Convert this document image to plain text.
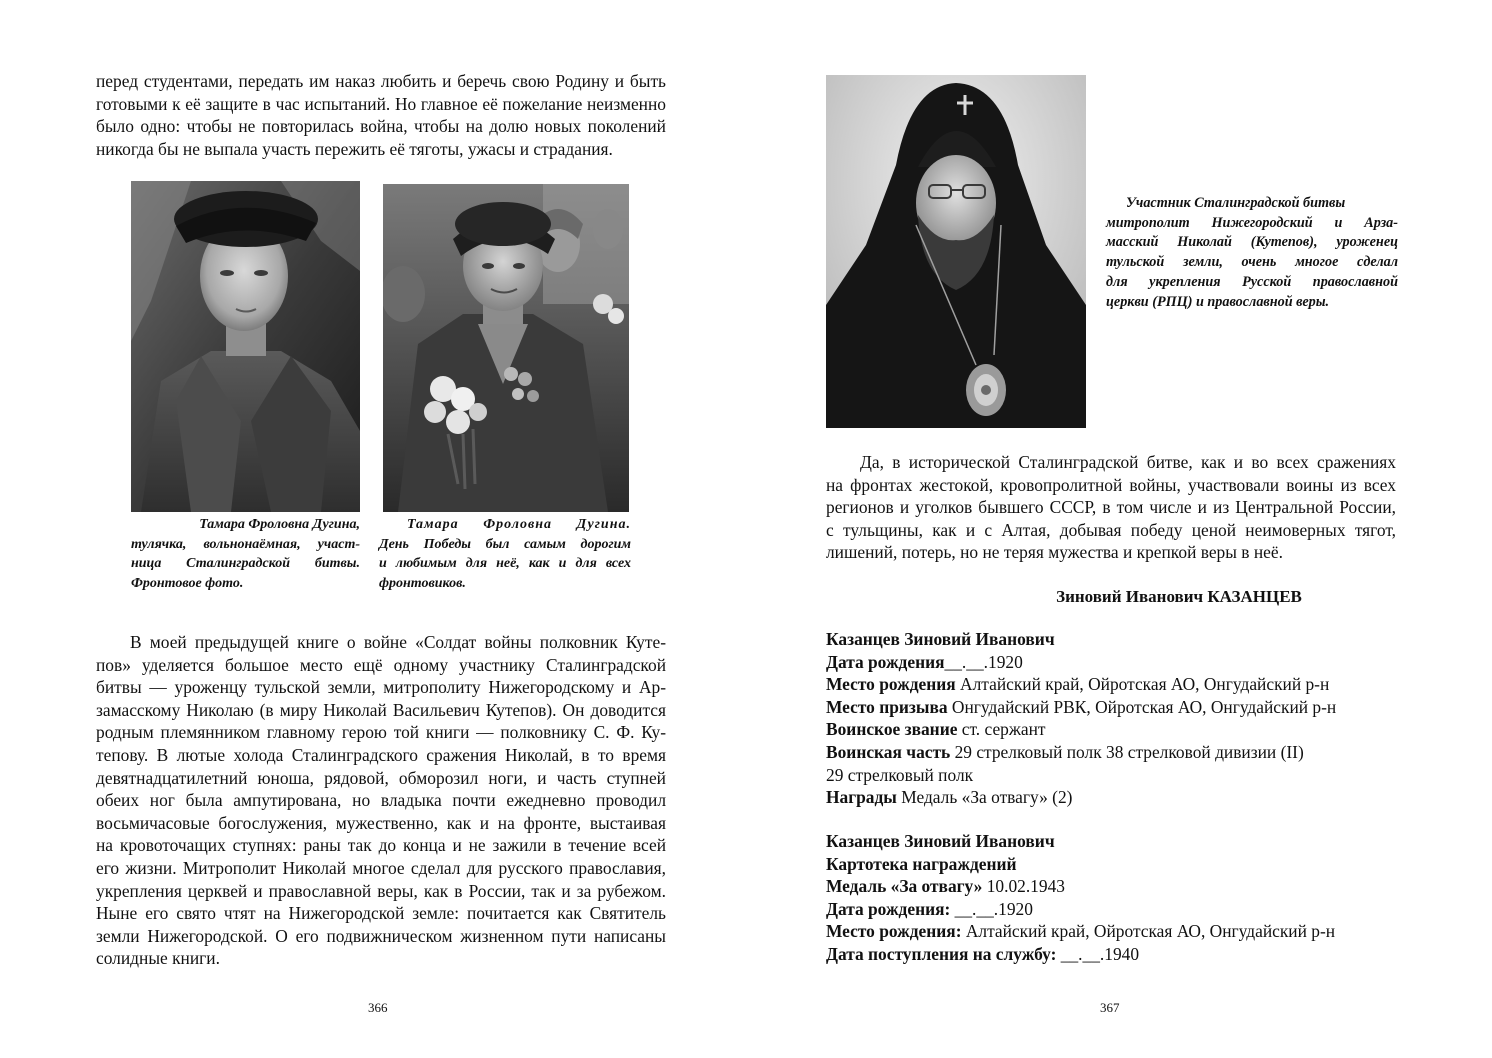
перед студентами, передать им наказ любить и беречь свою Родину и быть
готовыми к её защите в час испытаний. Но главное её пожелание неизменно
было одно: чтобы не повторилась война, чтобы на долю новых поколений
никогда бы не выпала участь пережить её тяготы, ужасы и страдания.
Тамара Фроловна Дугина,
тулячка, вольнонаёмная, участ-
ница Сталинградской битвы.
Фронтовое фото.
Тамара Фроловна Дугина.
День Победы был самым дорогим
и любимым для неё, как и для всех
фронтовиков.
В моей предыдущей книге о войне «Солдат войны полковник Куте-
пов» уделяется большое место ещё одному участнику Сталинградской
битвы — уроженцу тульской земли, митрополиту Нижегородскому и Ар-
замасскому Николаю (в миру Николай Васильевич Кутепов). Он доводится
родным племянником главному герою той книги — полковнику С. Ф. Ку-
тепову. В лютые холода Сталинградского сражения Николай, в то время
девятнадцатилетний юноша, рядовой, обморозил ноги, и часть ступней
обеих ног была ампутирована, но владыка почти ежедневно проводил
восьмичасовые богослужения, мужественно, как и на фронте, выстаивая
на кровоточащих ступнях: раны так до конца и не зажили в течение всей
его жизни. Митрополит Николай многое сделал для русского православия,
укрепления церквей и православной веры, как в России, так и за рубежом.
Ныне его свято чтят на Нижегородской земле: почитается как Святитель
земли Нижегородской. О его подвижническом жизненном пути написаны
солидные книги.
366
Участник Сталинградской битвы
митрополит Нижегородский и Арза-
масский Николай (Кутепов), уроженец
тульской земли, очень многое сделал
для укрепления Русской православной
церкви (РПЦ) и православной веры.
Да, в исторической Сталинградской битве, как и во всех сражениях
на фронтах жестокой, кровопролитной войны, участвовали воины из всех
регионов и уголков бывшего СССР, в том числе и из Центральной России,
с тульщины, как и с Алтая, добывая победу ценой неимоверных тягот,
лишений, потерь, но не теряя мужества и крепкой веры в неё.
Зиновий Иванович КАЗАНЦЕВ
Казанцев Зиновий Иванович
Дата рождения__.__.1920
Место рождения Алтайский край, Ойротская АО, Онгудайский р-н
Место призыва Онгудайский РВК, Ойротская АО, Онгудайский р-н
Воинское звание ст. сержант
Воинская часть 29 стрелковый полк 38 стрелковой дивизии (II)
29 стрелковый полк
Награды Медаль «За отвагу» (2)
Казанцев Зиновий Иванович
Картотека награждений
Медаль «За отвагу» 10.02.1943
Дата рождения: __.__.1920
Место рождения: Алтайский край, Ойротская АО, Онгудайский р-н
Дата поступления на службу: __.__.1940
367
